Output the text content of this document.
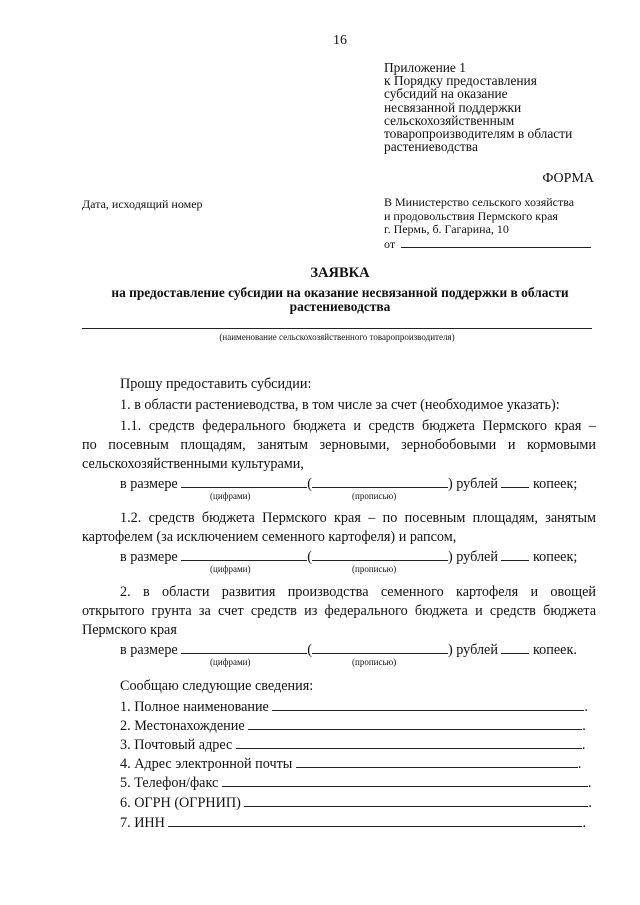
16
Приложение 1
к Порядку предоставления
субсидий на оказание
несвязанной поддержки
сельскохозяйственным
товаропроизводителям в области
растениеводства
ФОРМА
Дата, исходящий номер	В Министерство сельского хозяйства
и продовольствия Пермского края
г. Пермь, б. Гагарина, 10
от
ЗАЯВКА
на предоставление субсидии на оказание несвязанной поддержки в области растениеводства
(наименование сельскохозяйственного товаропроизводителя)
Прошу предоставить субсидии:
1. в области растениеводства, в том числе за счет (необходимое указать):
1.1. средств федерального бюджета и средств бюджета Пермского края –
по посевным площадям, занятым зерновыми, зернобобовыми и кормовыми
сельскохозяйственными культурами,
в размере	(	) рублей копеек;
(цифрами)	(прописью)
1.2. средств бюджета Пермского края – по посевным площадям, занятым
картофелем (за исключением семенного картофеля) и рапсом,
в размере	(	) рублей копеек;
(цифрами)	(прописью)
2. в области развития производства семенного картофеля и овощей
открытого грунта за счет средств из федерального бюджета и средств бюджета
Пермского края
в размере	(	) рублей копеек.
(цифрами)	(прописью)
Сообщаю следующие сведения:
1. Полное наименование	.
2. Местонахождение	.
3. Почтовый адрес	.
4. Адрес электронной почты	.
5. Телефон/факс	.
6. ОГРН (ОГРНИП)	.
7. ИНН	.
